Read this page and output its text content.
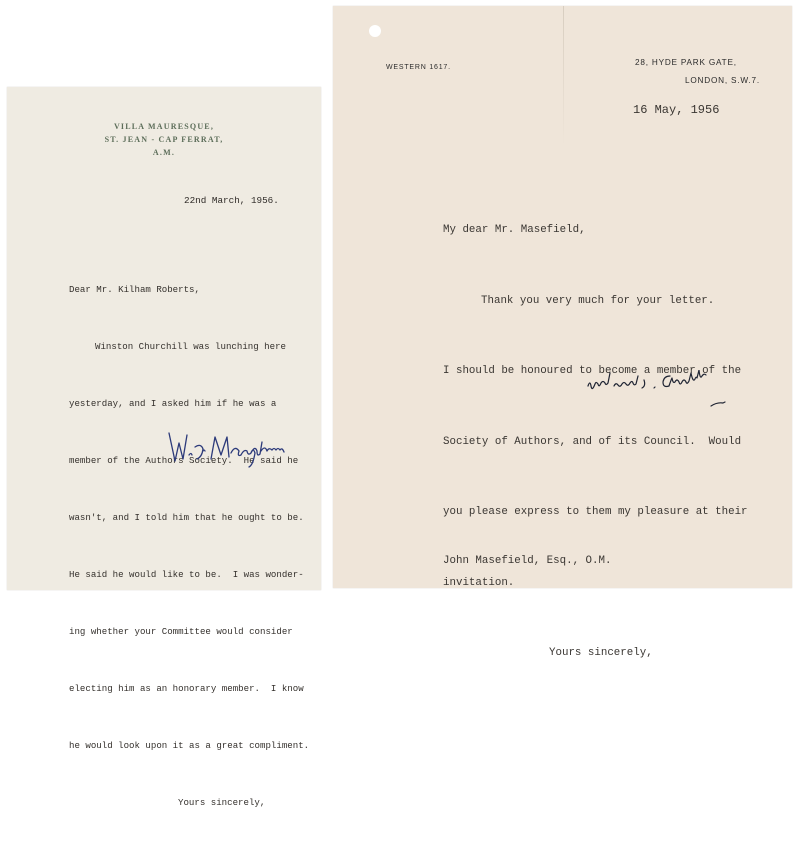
VILLA MAURESQUE,
ST. JEAN - CAP FERRAT,
A.M.
22nd March, 1956.

Dear Mr. Kilham Roberts,

Winston Churchill was lunching here

yesterday, and I asked him if he was a

member of the Authors Society.  He said he

wasn't, and I told him that he ought to be.

He said he would like to be.  I was wonder-

ing whether your Committee would consider

electing him as an honorary member.  I know

he would look upon it as a great compliment.

Yours sincerely,

WESTERN 1617.
28, HYDE PARK GATE,
LONDON, S.W.7.
16 May, 1956

My dear Mr. Masefield,

Thank you very much for your letter.

I should be honoured to become a member of the

Society of Authors, and of its Council.  Would

you please express to them my pleasure at their

invitation.

Yours sincerely,

John Masefield, Esq., O.M.
